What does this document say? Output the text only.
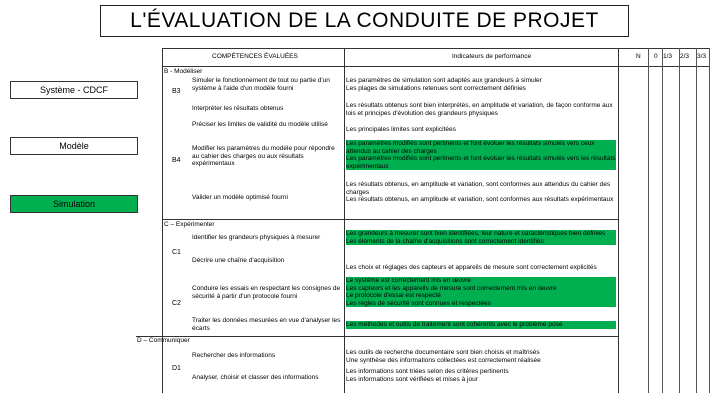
L'ÉVALUATION DE LA CONDUITE DE PROJET
COMPÉTENCES ÉVALUÉES	Indicateurs de performance	N 0 1/3 2/3 3/3
Système - CDCF
Modèle
Simulation
B - Modéliser
B3
Simuler le fonctionnement de tout ou partie d'un système à l'aide d'un modèle fourni
Interpréter les résultats obtenus
B4
Préciser les limites de validité du modèle utilisé
Modifier les paramètres du modèle pour répondre au cahier des charges ou aux résultats expérimentaux
Valider un modèle optimisé fourni
Les paramètres de simulation sont adaptés aux grandeurs à simuler
Les plages de simulations retenues sont correctement définies
Les résultats obtenus sont bien interprétés, en amplitude et variation, de façon conforme aux lois et principes d'évolution des grandeurs physiques
Les principales limites sont explicitées
Les paramètres modifiés sont pertinents et font évoluer les résultats simulés vers ceux attendus au cahier des charges
Les paramètres modifiés sont pertinents et font évoluer les résultats simulés vers les résultats expérimentaux
Les résultats obtenus, en amplitude et variation, sont conformes aux attendus du cahier des charges
Les résultats obtenus, en amplitude et variation, sont conformes aux résultats expérimentaux
C – Expérimenter
C1
Identifier les grandeurs physiques à mesurer
Décrire une chaîne d'acquisition
C2
Conduire les essais en respectant les consignes de sécurité à partir d'un protocole fourni
Traiter les données mesurées en vue d'analyser les écarts
Les grandeurs à mesurer sont bien identifiées, leur nature et caractéristiques bien définies
Les éléments de la chaîne d'acquisitions sont correctement identifiés
Les choix et réglages des capteurs et appareils de mesure sont correctement explicités
Le système est correctement mis en œuvre
Les capteurs et les appareils de mesure sont correctement mis en œuvre
Le protocole d'essai est respecté
Les règles de sécurité sont connues et respectées
Les méthodes et outils de traitement sont cohérents avec le problème posé
D – Communiquer
D1
Rechercher des informations
Analyser, choisir et classer des informations
Les outils de recherche documentaire sont bien choisis et maîtrisés
Une synthèse des informations collectées est correctement réalisée
Les informations sont triées selon des critères pertinents
Les informations sont vérifiées et mises à jour
